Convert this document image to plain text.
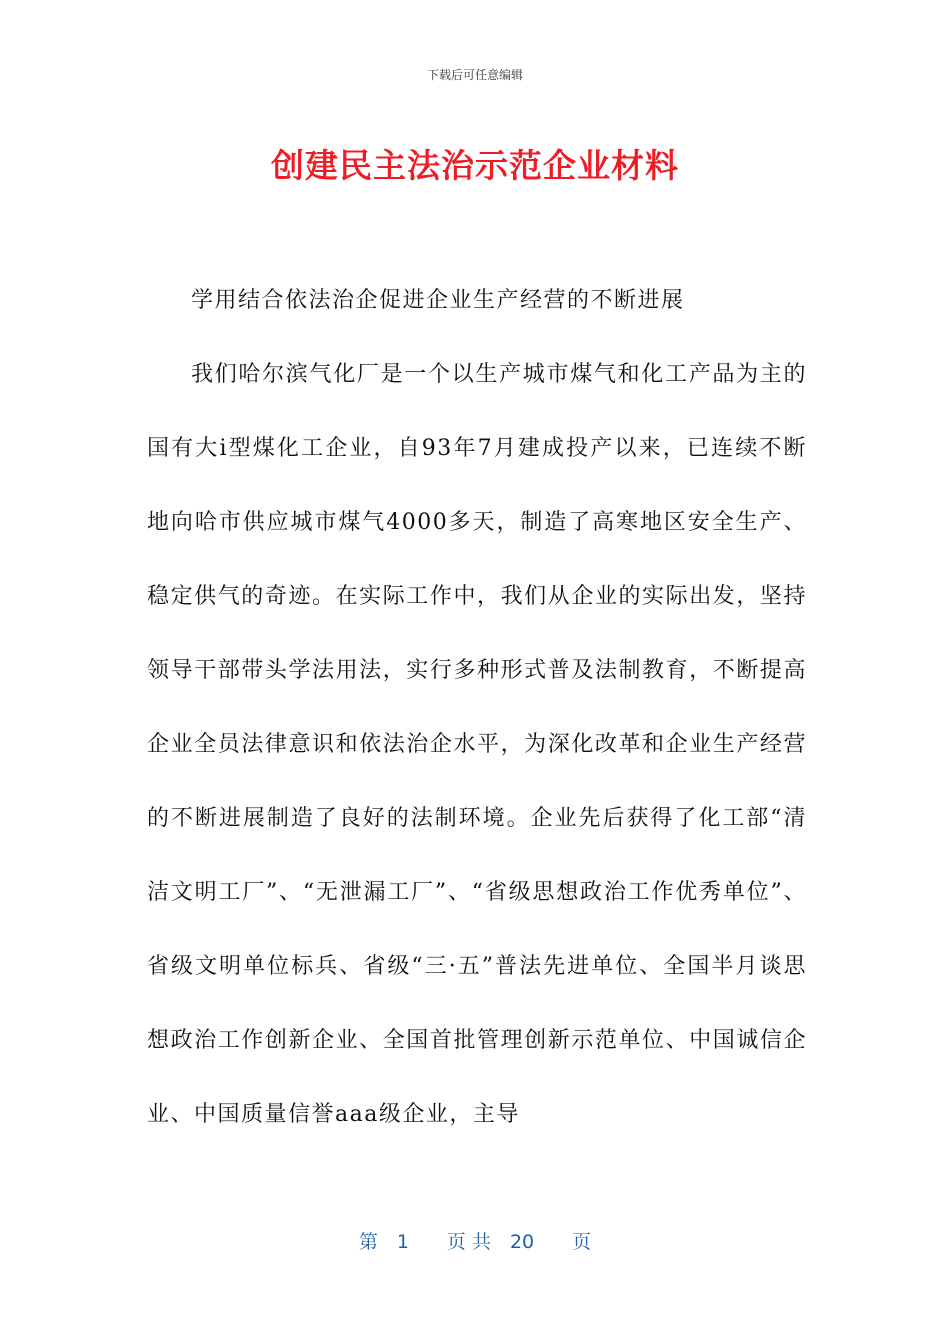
下载后可任意编辑
创建民主法治示范企业材料

学用结合依法治企促进企业生产经营的不断进展

我们哈尔滨气化厂是一个以生产城市煤气和化工产品为主的国有大ⅰ型煤化工企业，自93年7月建成投产以来，已连续不断地向哈市供应城市煤气4000多天，制造了高寒地区安全生产、稳定供气的奇迹。在实际工作中，我们从企业的实际出发，坚持领导干部带头学法用法，实行多种形式普及法制教育，不断提高企业全员法律意识和依法治企水平，为深化改革和企业生产经营的不断进展制造了良好的法制环境。企业先后获得了化工部“清洁文明工厂”、“无泄漏工厂”、“省级思想政治工作优秀单位”、省级文明单位标兵、省级“三·五”普法先进单位、全国半月谈思想政治工作创新企业、全国首批管理创新示范单位、中国诚信企业、中国质量信誉aaa级企业，主导

第　1　　页 共　20　　页
